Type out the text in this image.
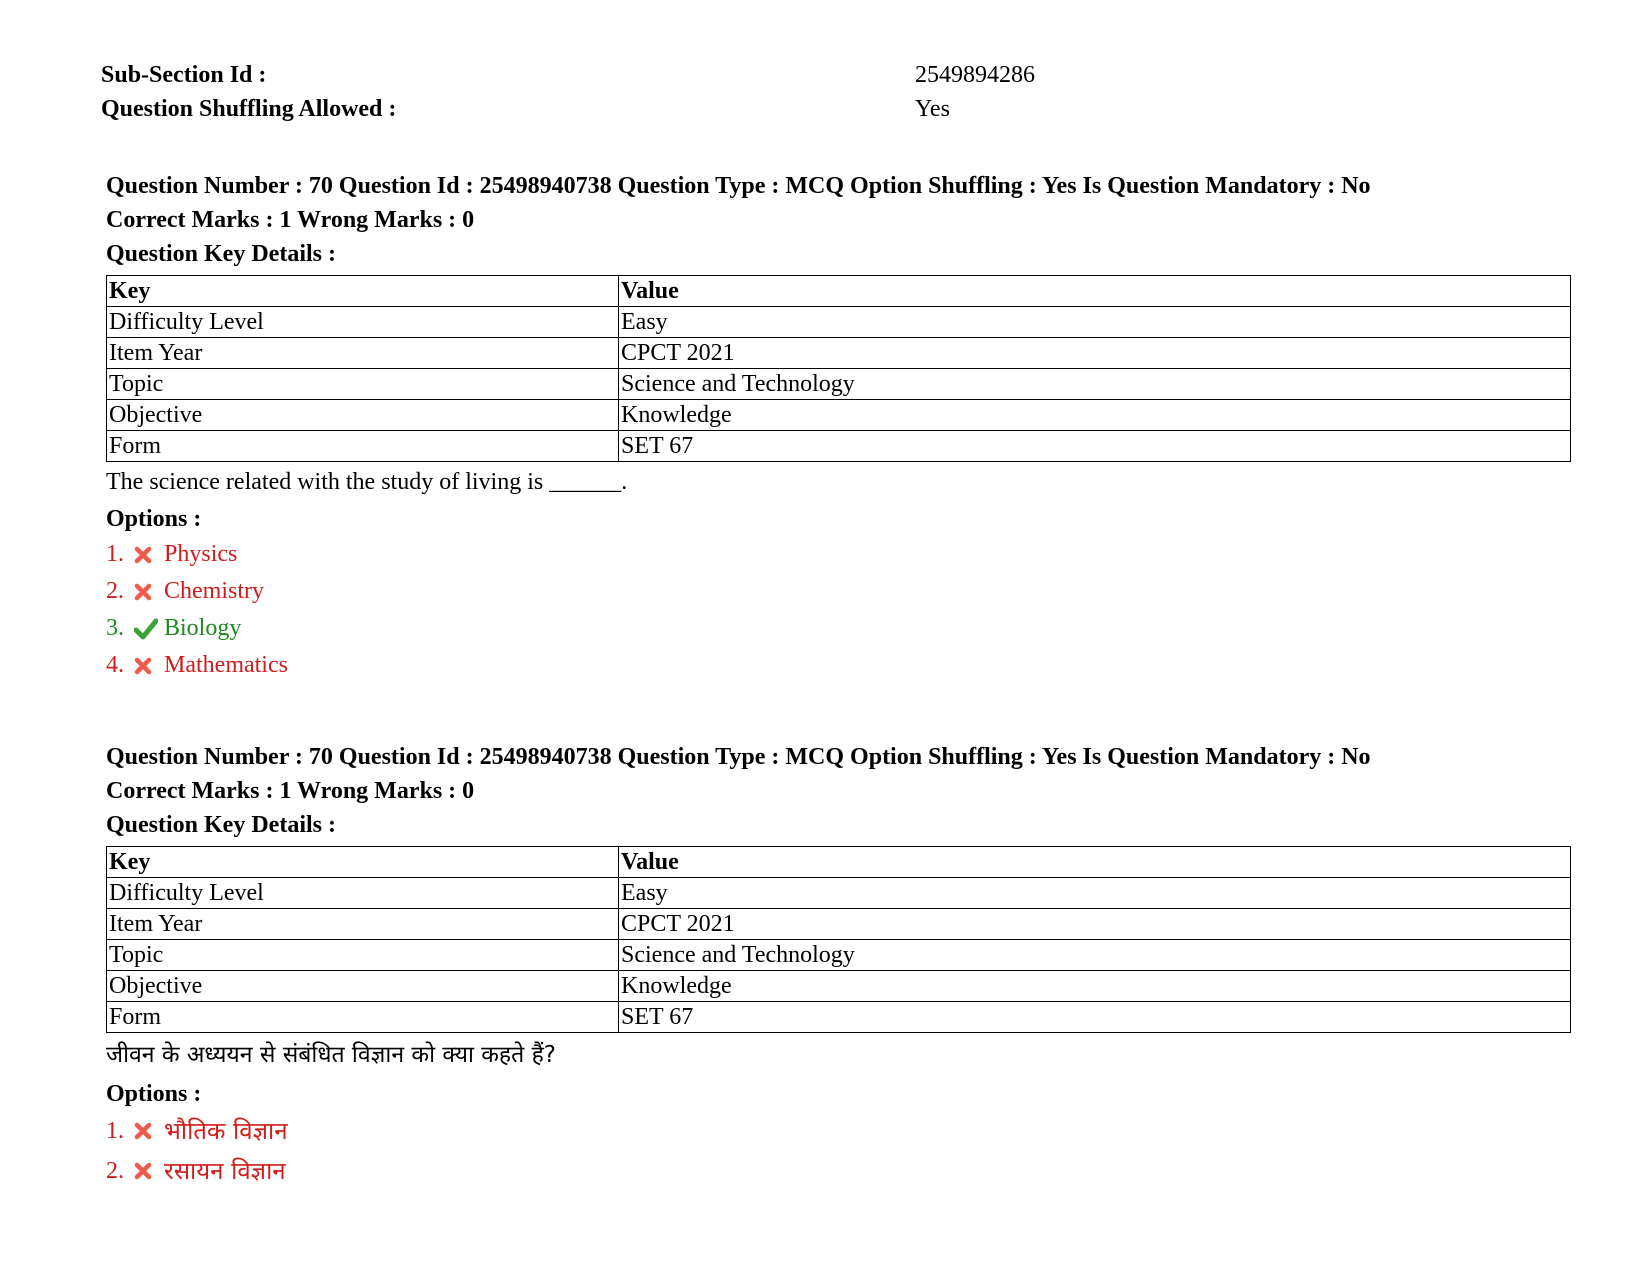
Sub-Section Id :	2549894286
Question Shuffling Allowed :	Yes
Question Number : 70 Question Id : 25498940738 Question Type : MCQ Option Shuffling : Yes Is Question Mandatory : No
Correct Marks : 1 Wrong Marks : 0
Question Key Details :
Key	Value
Difficulty Level	Easy
Item Year	CPCT 2021
Topic	Science and Technology
Objective	Knowledge
Form	SET 67
The science related with the study of living is ______.
Options :
1.	Physics
2.	Chemistry
3.	Biology
4.	Mathematics
Question Number : 70 Question Id : 25498940738 Question Type : MCQ Option Shuffling : Yes Is Question Mandatory : No
Correct Marks : 1 Wrong Marks : 0
Question Key Details :
Key	Value
Difficulty Level	Easy
Item Year	CPCT 2021
Topic	Science and Technology
Objective	Knowledge
Form	SET 67
जीवन के अध्ययन से संबंधित विज्ञान को क्या कहते हैं?
Options :
1.	भौतिक विज्ञान
2.	रसायन विज्ञान
